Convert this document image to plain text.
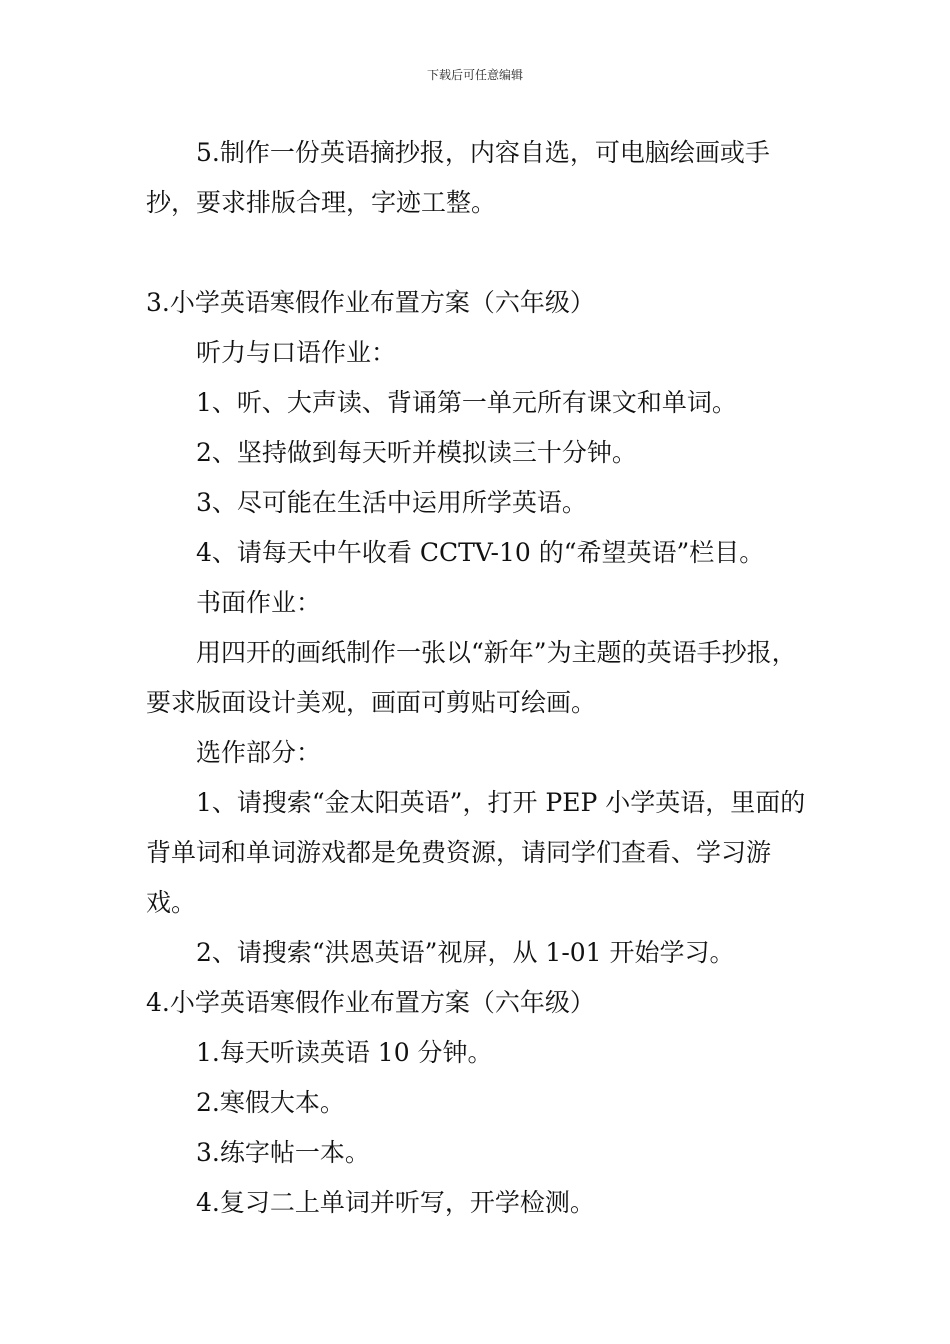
下载后可任意编辑

5.制作一份英语摘抄报，内容自选，可电脑绘画或手抄，要求排版合理，字迹工整。

3.小学英语寒假作业布置方案（六年级）

听力与口语作业：

1、听、大声读、背诵第一单元所有课文和单词。

2、坚持做到每天听并模拟读三十分钟。

3、尽可能在生活中运用所学英语。

4、请每天中午收看 CCTV-10 的“希望英语”栏目。

书面作业：

用四开的画纸制作一张以“新年”为主题的英语手抄报，要求版面设计美观，画面可剪贴可绘画。

选作部分：

1、请搜索“金太阳英语”，打开 PEP 小学英语，里面的背单词和单词游戏都是免费资源，请同学们查看、学习游戏。

2、请搜索“洪恩英语”视屏，从 1-01 开始学习。

4.小学英语寒假作业布置方案（六年级）

1.每天听读英语 10 分钟。

2.寒假大本。

3.练字帖一本。

4.复习二上单词并听写，开学检测。
